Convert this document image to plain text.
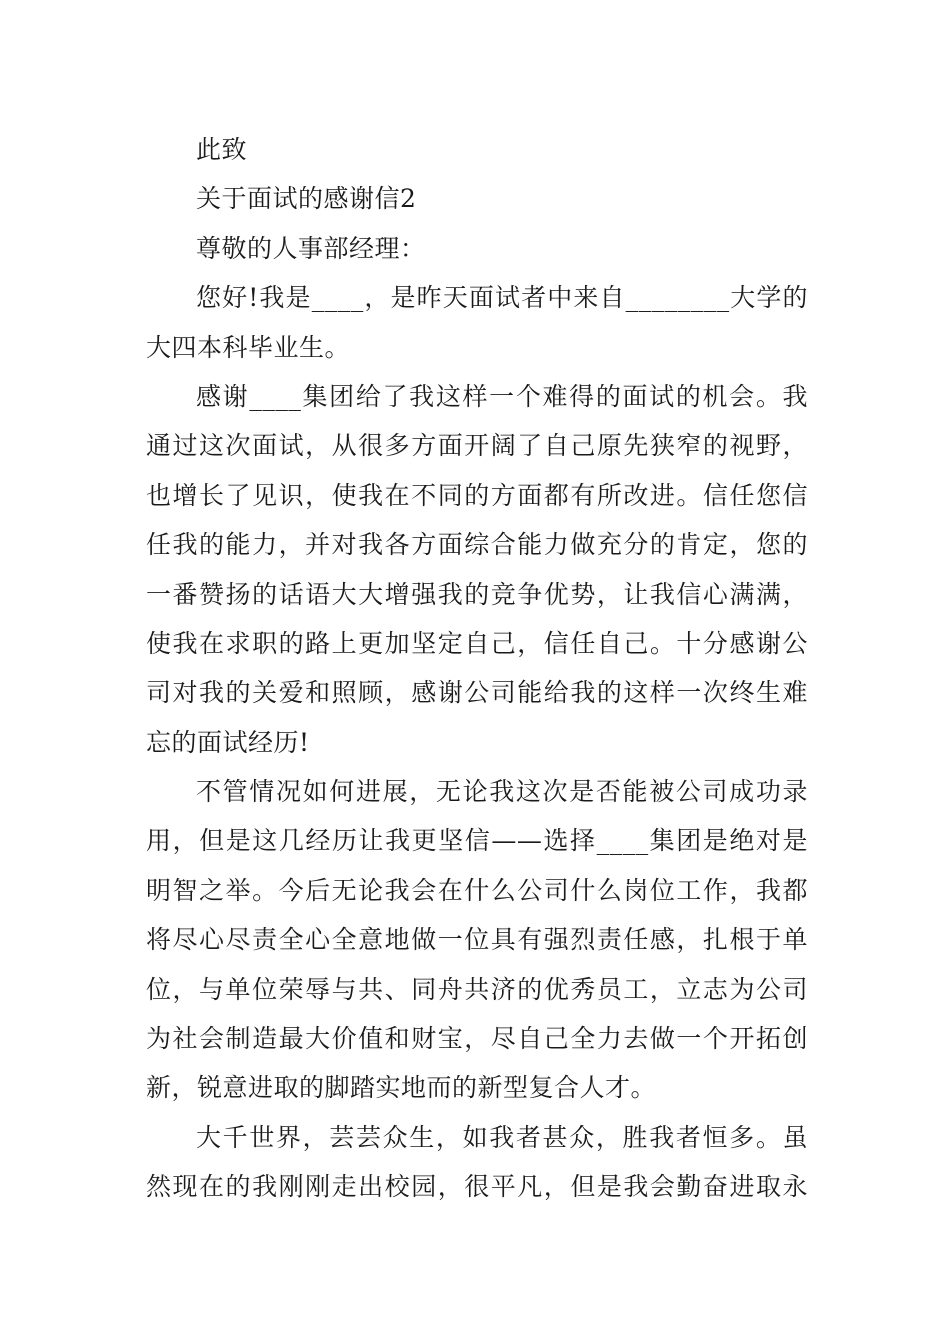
此致

关于面试的感谢信2

尊敬的人事部经理：

您好!我是____，是昨天面试者中来自________大学的

大四本科毕业生。

感谢____集团给了我这样一个难得的面试的机会。我

通过这次面试，从很多方面开阔了自己原先狭窄的视野，

也增长了见识，使我在不同的方面都有所改进。信任您信

任我的能力，并对我各方面综合能力做充分的肯定，您的

一番赞扬的话语大大增强我的竞争优势，让我信心满满，

使我在求职的路上更加坚定自己，信任自己。十分感谢公

司对我的关爱和照顾，感谢公司能给我的这样一次终生难

忘的面试经历!

不管情况如何进展，无论我这次是否能被公司成功录

用，但是这几经历让我更坚信——选择____集团是绝对是

明智之举。今后无论我会在什么公司什么岗位工作，我都

将尽心尽责全心全意地做一位具有强烈责任感，扎根于单

位，与单位荣辱与共、同舟共济的优秀员工，立志为公司

为社会制造最大价值和财宝，尽自己全力去做一个开拓创

新，锐意进取的脚踏实地而的新型复合人才。

大千世界，芸芸众生，如我者甚众，胜我者恒多。虽

然现在的我刚刚走出校园，很平凡，但是我会勤奋进取永
